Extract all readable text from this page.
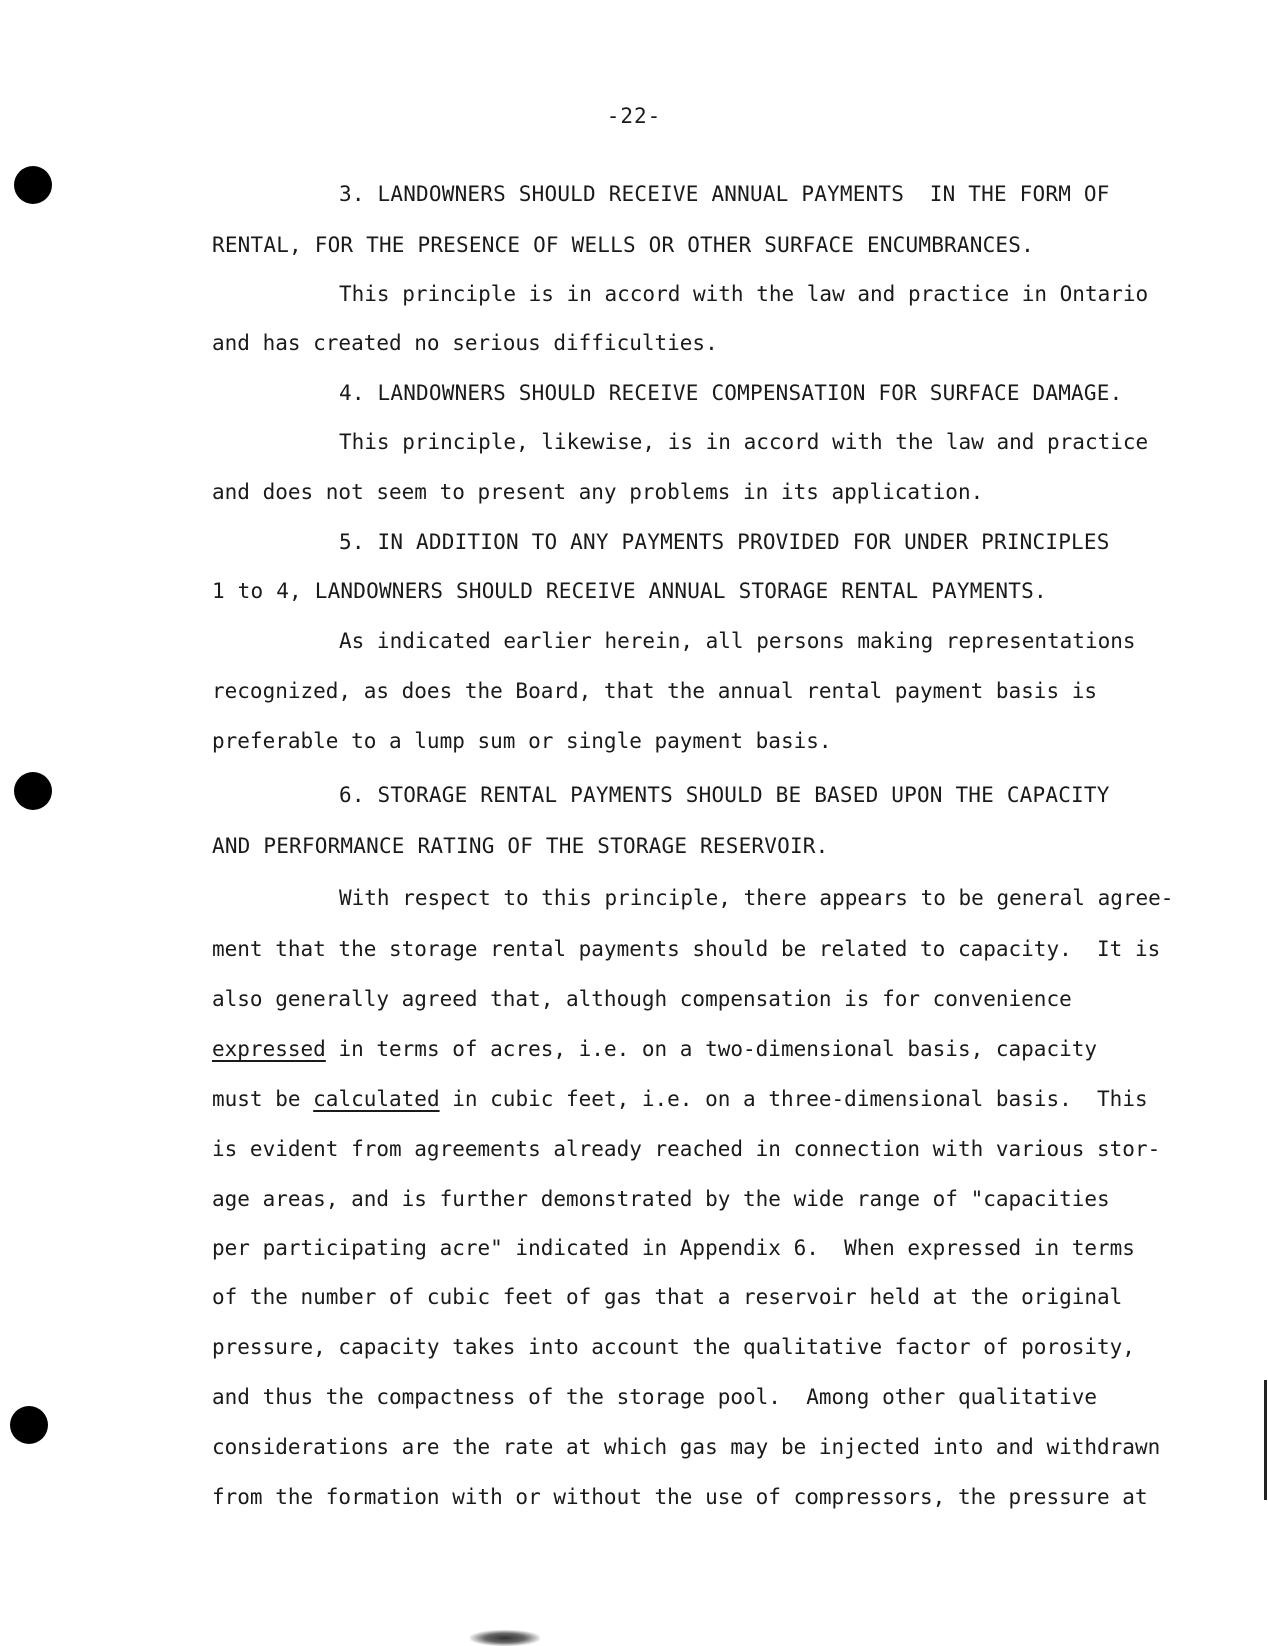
-22-
3. LANDOWNERS SHOULD RECEIVE ANNUAL PAYMENTS  IN THE FORM OF
RENTAL, FOR THE PRESENCE OF WELLS OR OTHER SURFACE ENCUMBRANCES.
This principle is in accord with the law and practice in Ontario
and has created no serious difficulties.
4. LANDOWNERS SHOULD RECEIVE COMPENSATION FOR SURFACE DAMAGE.
This principle, likewise, is in accord with the law and practice
and does not seem to present any problems in its application.
5. IN ADDITION TO ANY PAYMENTS PROVIDED FOR UNDER PRINCIPLES
1 to 4, LANDOWNERS SHOULD RECEIVE ANNUAL STORAGE RENTAL PAYMENTS.
As indicated earlier herein, all persons making representations
recognized, as does the Board, that the annual rental payment basis is
preferable to a lump sum or single payment basis.
6. STORAGE RENTAL PAYMENTS SHOULD BE BASED UPON THE CAPACITY
AND PERFORMANCE RATING OF THE STORAGE RESERVOIR.
With respect to this principle, there appears to be general agree-
ment that the storage rental payments should be related to capacity.  It is
also generally agreed that, although compensation is for convenience
expressed in terms of acres, i.e. on a two-dimensional basis, capacity
must be calculated in cubic feet, i.e. on a three-dimensional basis.  This
is evident from agreements already reached in connection with various stor-
age areas, and is further demonstrated by the wide range of "capacities
per participating acre" indicated in Appendix 6.  When expressed in terms
of the number of cubic feet of gas that a reservoir held at the original
pressure, capacity takes into account the qualitative factor of porosity,
and thus the compactness of the storage pool.  Among other qualitative
considerations are the rate at which gas may be injected into and withdrawn
from the formation with or without the use of compressors, the pressure at
